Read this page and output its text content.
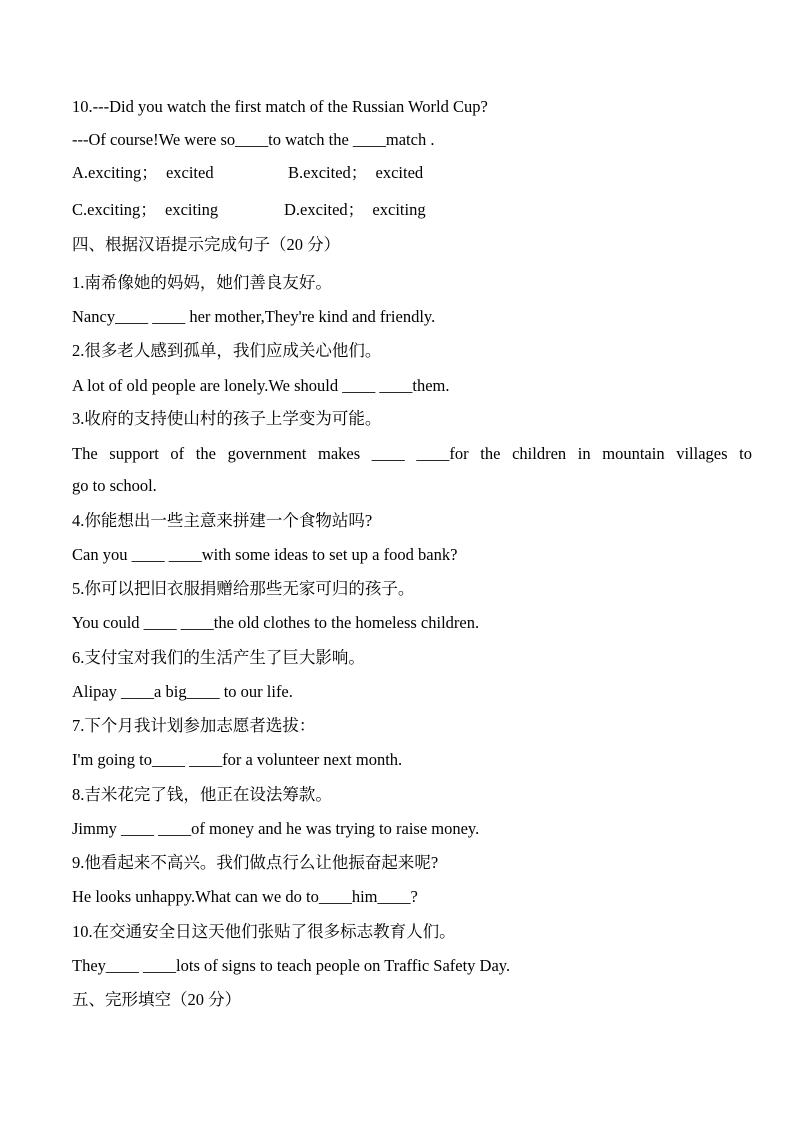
10.---Did you watch the first match of the Russian World Cup?
---Of course!We were so____to watch the ____match .
A.exciting；  excited	B.excited；  excited
C.exciting；  exciting	D.excited；  exciting
四、根据汉语提示完成句子（20 分）
1.南希像她的妈妈，她们善良友好。
Nancy____ ____ her mother,They're kind and friendly.
2.很多老人感到孤单，我们应成关心他们。
A lot of old people are lonely.We should ____ ____them.
3.收府的支持使山村的孩子上学变为可能。
The support of the government makes ____ ____for the children in mountain villages to
go to school.
4.你能想出一些主意来拼建一个食物站吗?
Can you ____ ____with some ideas to set up a food bank?
5.你可以把旧衣服捐赠给那些无家可归的孩子。
You could ____ ____the old clothes to the homeless children.
6.支付宝对我们的生活产生了巨大影响。
Alipay ____a big____ to our life.
7.下个月我计划参加志愿者选拔：
I'm going to____ ____for a volunteer next month.
8.吉米花完了钱，他正在设法筹款。
Jimmy ____ ____of money and he was trying to raise money.
9.他看起来不高兴。我们做点行么让他振奋起来呢?
He looks unhappy.What can we do to____him____?
10.在交通安全日这天他们张贴了很多标志教育人们。
They____ ____lots of signs to teach people on Traffic Safety Day.
五、完形填空（20 分）
